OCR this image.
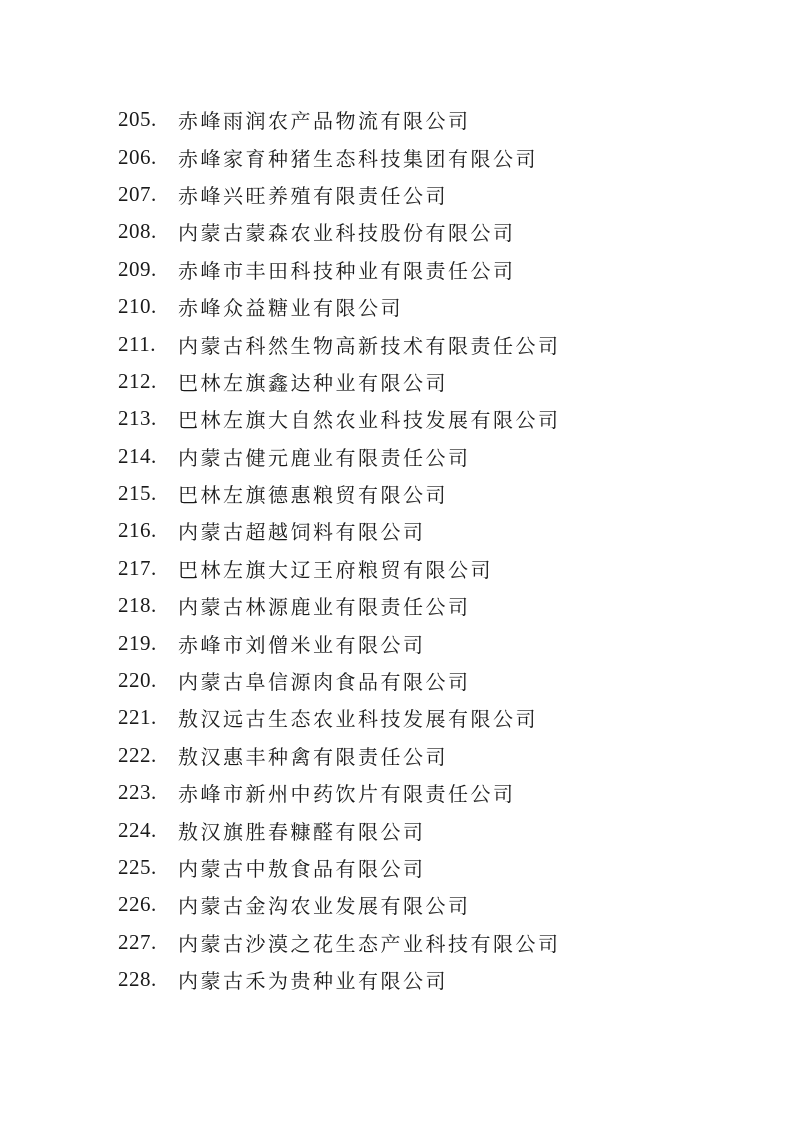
205.	赤峰雨润农产品物流有限公司
206.	赤峰家育种猪生态科技集团有限公司
207.	赤峰兴旺养殖有限责任公司
208.	内蒙古蒙森农业科技股份有限公司
209.	赤峰市丰田科技种业有限责任公司
210.	赤峰众益糖业有限公司
211.	内蒙古科然生物高新技术有限责任公司
212.	巴林左旗鑫达种业有限公司
213.	巴林左旗大自然农业科技发展有限公司
214.	内蒙古健元鹿业有限责任公司
215.	巴林左旗德惠粮贸有限公司
216.	内蒙古超越饲料有限公司
217.	巴林左旗大辽王府粮贸有限公司
218.	内蒙古林源鹿业有限责任公司
219.	赤峰市刘僧米业有限公司
220.	内蒙古阜信源肉食品有限公司
221.	敖汉远古生态农业科技发展有限公司
222.	敖汉惠丰种禽有限责任公司
223.	赤峰市新州中药饮片有限责任公司
224.	敖汉旗胜春糠醛有限公司
225.	内蒙古中敖食品有限公司
226.	内蒙古金沟农业发展有限公司
227.	内蒙古沙漠之花生态产业科技有限公司
228.	内蒙古禾为贵种业有限公司
